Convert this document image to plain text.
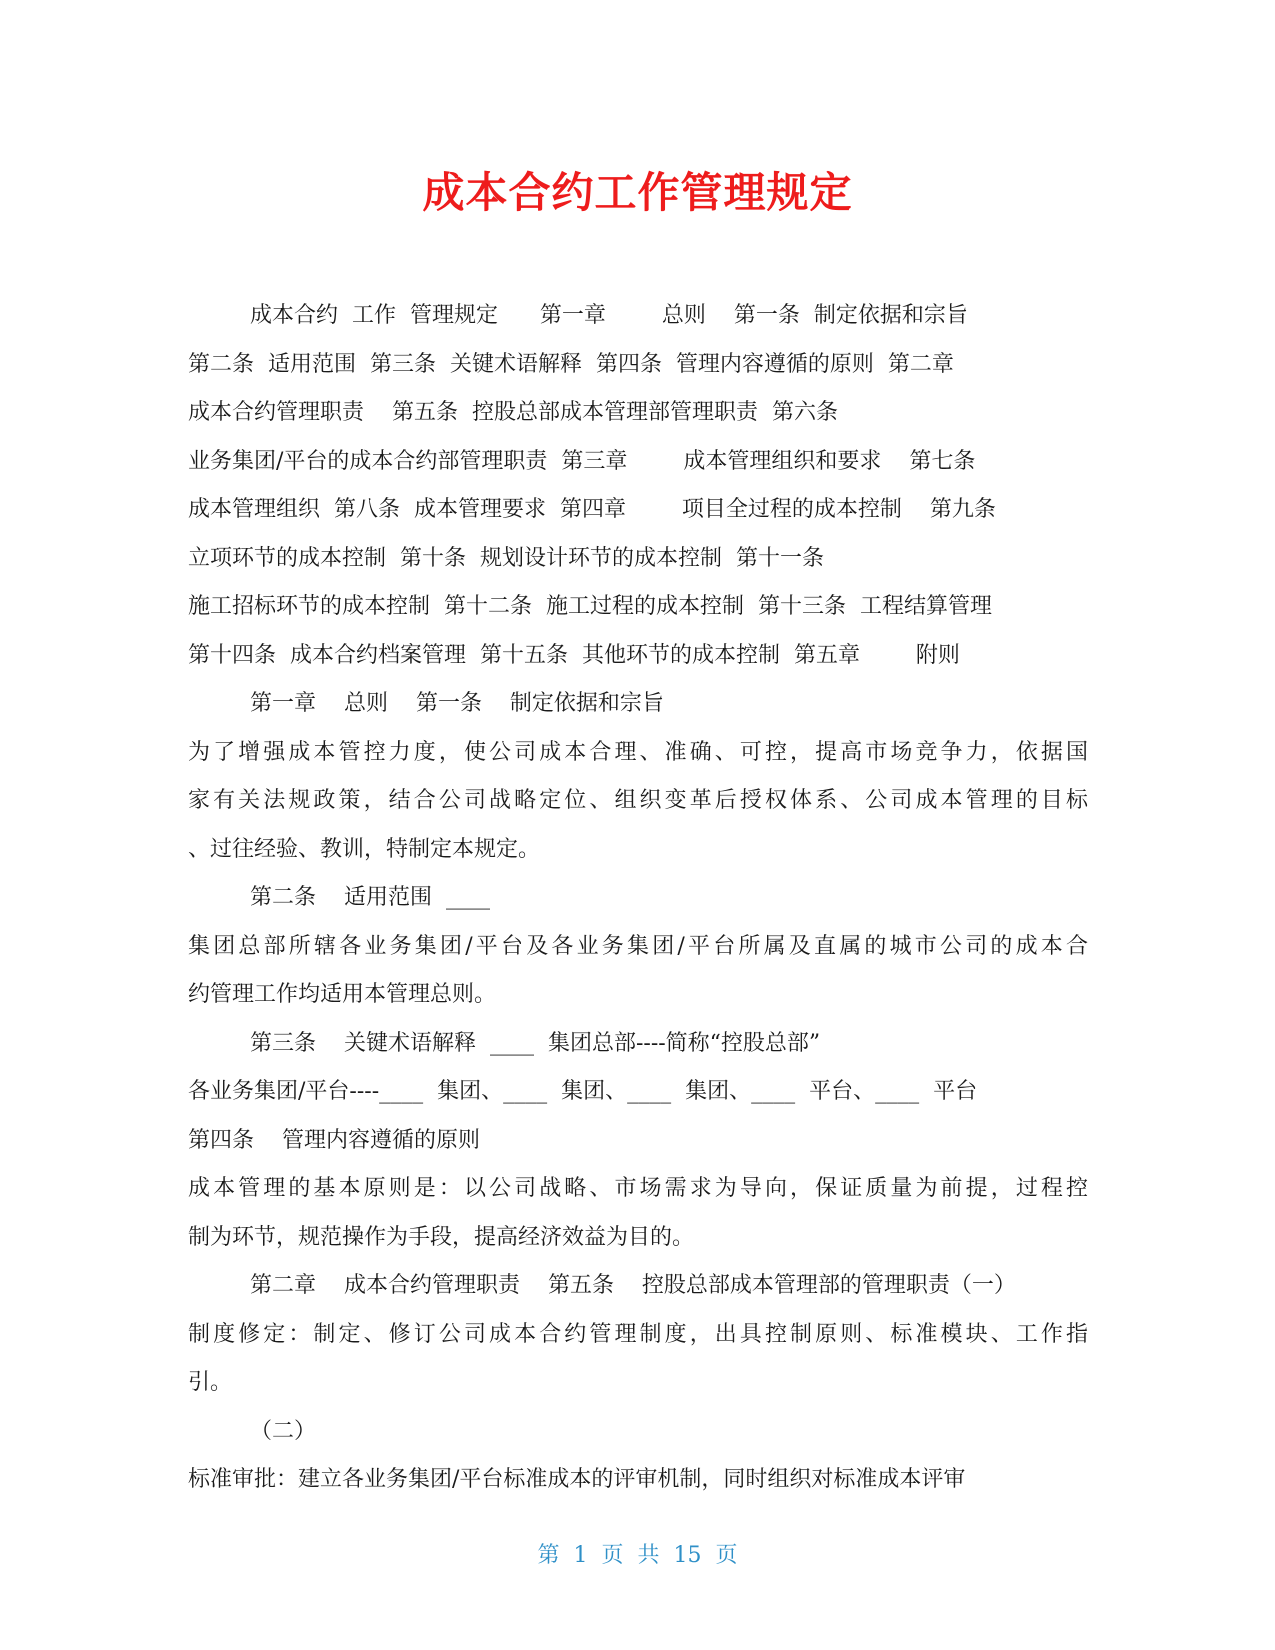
成本合约工作管理规定
成本合约  工作  管理规定      第一章        总则    第一条  制定依据和宗旨
第二条  适用范围  第三条  关键术语解释  第四条  管理内容遵循的原则  第二章
成本合约管理职责    第五条  控股总部成本管理部管理职责  第六条
业务集团/平台的成本合约部管理职责  第三章        成本管理组织和要求    第七条
成本管理组织  第八条  成本管理要求  第四章        项目全过程的成本控制    第九条
立项环节的成本控制  第十条  规划设计环节的成本控制  第十一条
施工招标环节的成本控制  第十二条  施工过程的成本控制  第十三条  工程结算管理
第十四条  成本合约档案管理  第十五条  其他环节的成本控制  第五章        附则
第一章    总则    第一条    制定依据和宗旨
为了增强成本管控力度，使公司成本合理、准确、可控，提高市场竞争力，依据国
家有关法规政策，结合公司战略定位、组织变革后授权体系、公司成本管理的目标
、过往经验、教训，特制定本规定。
第二条    适用范围  ____
集团总部所辖各业务集团/平台及各业务集团/平台所属及直属的城市公司的成本合
约管理工作均适用本管理总则。
第三条    关键术语解释  ____  集团总部----简称“控股总部”
各业务集团/平台----____  集团、____  集团、____  集团、____  平台、____  平台
第四条    管理内容遵循的原则
成本管理的基本原则是：以公司战略、市场需求为导向，保证质量为前提，过程控
制为环节，规范操作为手段，提高经济效益为目的。
第二章    成本合约管理职责    第五条    控股总部成本管理部的管理职责（一）
制度修定：制定、修订公司成本合约管理制度，出具控制原则、标准模块、工作指
引。
（二）
标准审批：建立各业务集团/平台标准成本的评审机制，同时组织对标准成本评审
第  1  页  共  15  页
